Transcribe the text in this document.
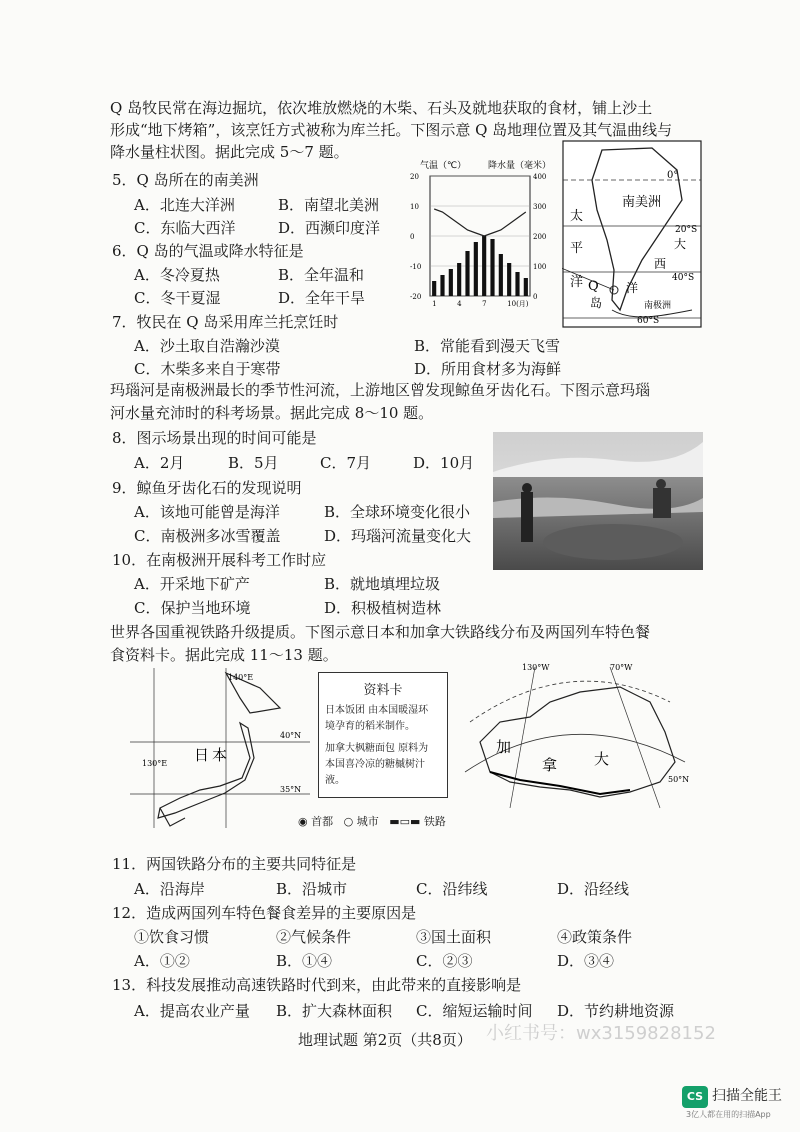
Q 岛牧民常在海边掘坑，依次堆放燃烧的木柴、石头及就地获取的食材，铺上沙土
形成“地下烤箱”，该烹饪方式被称为库兰托。下图示意 Q 岛地理位置及其气温曲线与
降水量柱状图。据此完成 5～7 题。
5．Q 岛所在的南美洲
A．北连大洋洲	B．南望北美洲
C．东临大西洋	D．西濒印度洋
6．Q 岛的气温或降水特征是
A．冬冷夏热	B．全年温和
C．冬干夏湿	D．全年干旱
7．牧民在 Q 岛采用库兰托烹饪时
A．沙土取自浩瀚沙漠	B．常能看到漫天飞雪
C．木柴多来自于寒带	D．所用食材多为海鲜
气温（℃） 降水量（毫米）
20
10
0
-10
-20
400
300
200
100
0
1	4	7	10(月)
0°
南美洲
20°S
40°S
60°S
太
平
洋
大
西
洋
Q
岛	南极洲
玛瑙河是南极洲最长的季节性河流，上游地区曾发现鲸鱼牙齿化石。下图示意玛瑙
河水量充沛时的科考场景。据此完成 8～10 题。
8．图示场景出现的时间可能是
A．2月	B．5月	C．7月	D．10月
9．鲸鱼牙齿化石的发现说明
A．该地可能曾是海洋	B．全球环境变化很小
C．南极洲多冰雪覆盖	D．玛瑙河流量变化大
10．在南极洲开展科考工作时应
A．开采地下矿产	B．就地填埋垃圾
C．保护当地环境	D．积极植树造林
世界各国重视铁路升级提质。下图示意日本和加拿大铁路线分布及两国列车特色餐
食资料卡。据此完成 11～13 题。
140°E
130°E
40°N
35°N
日 本
资料卡
日本饭团 由本国暖湿环
境孕育的稻米制作。
加拿大枫糖面包 原料为
本国喜冷凉的糖槭树汁
液。
130°W	70°W
50°N
加
拿 大
◉ 首都 ○ 城市 ▬▭▬ 铁路
11．两国铁路分布的主要共同特征是
A．沿海岸	B．沿城市	C．沿纬线	D．沿经线
12．造成两国列车特色餐食差异的主要原因是
①饮食习惯	②气候条件	③国土面积	④政策条件
A．①②	B．①④	C．②③	D．③④
13．科技发展推动高速铁路时代到来，由此带来的直接影响是
A．提高农业产量 B．扩大森林面积 C．缩短运输时间 D．节约耕地资源
地理试题 第2页（共8页） 小红书号：wx3159828152
CS 扫描全能王
3亿人都在用的扫描App
